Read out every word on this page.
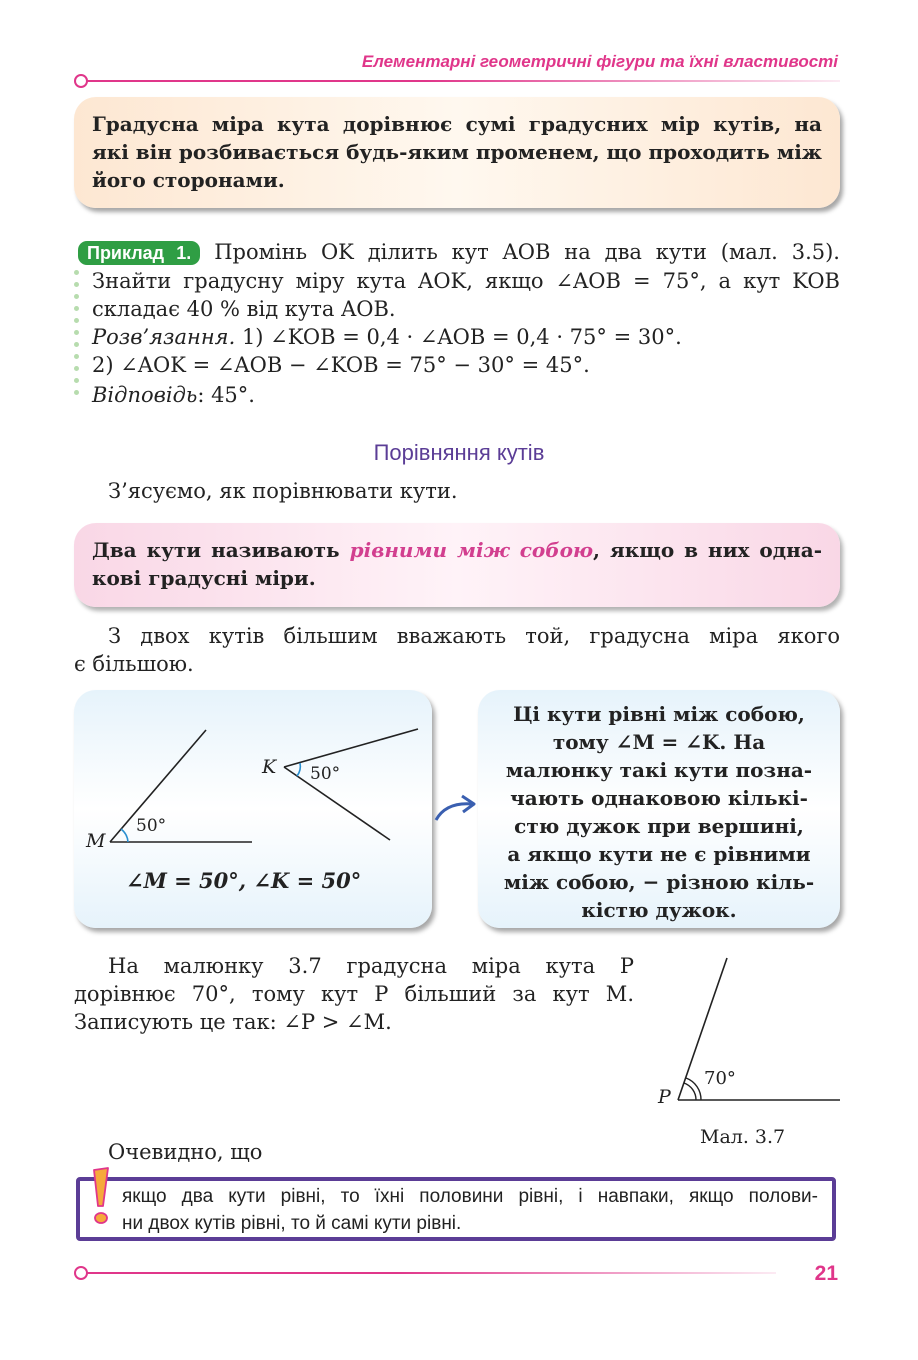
Елементарні геометричні фігури та їхні властивості
Градусна міра кута дорівнює сумі градусних мір кутів, на
які він розбивається будь-яким променем, що проходить між
його сторонами.
Приклад 1. Промінь OK ділить кут AOB на два кути (мал. 3.5).
Знайти градусну міру кута AOK, якщо ∠AOB = 75°, а кут KOB
складає 40 % від кута AOB.
Розв’язання. 1) ∠KOB = 0,4 · ∠AOB = 0,4 · 75° = 30°.
2) ∠AOK = ∠AOB − ∠KOB = 75° − 30° = 45°.
Відповідь: 45°.
Порівняння кутів
З’ясуємо, як порівнювати кути.
Два кути називають рівними між собою, якщо в них одна-
кові градусні міри.
З двох кутів більшим вважають той, градусна міра якого
є більшою.
M
50°
K 50°
∠M = 50°, ∠K = 50°
Ці кути рівні між собою,
тому ∠M = ∠K. На
малюнку такі кути позна-
чають однаковою кількі-
стю дужок при вершині,
а якщо кути не є рівними
між собою, − різною кіль-
кістю дужок.
На малюнку 3.7 градусна міра кута P
дорівнює 70°, тому кут P більший за кут M.
Записують це так: ∠P > ∠M.
P
70°
Мал. 3.7
Очевидно, що
якщо два кути рівні, то їхні половини рівні, і навпаки, якщо полови-
ни двох кутів рівні, то й самі кути рівні.
21
